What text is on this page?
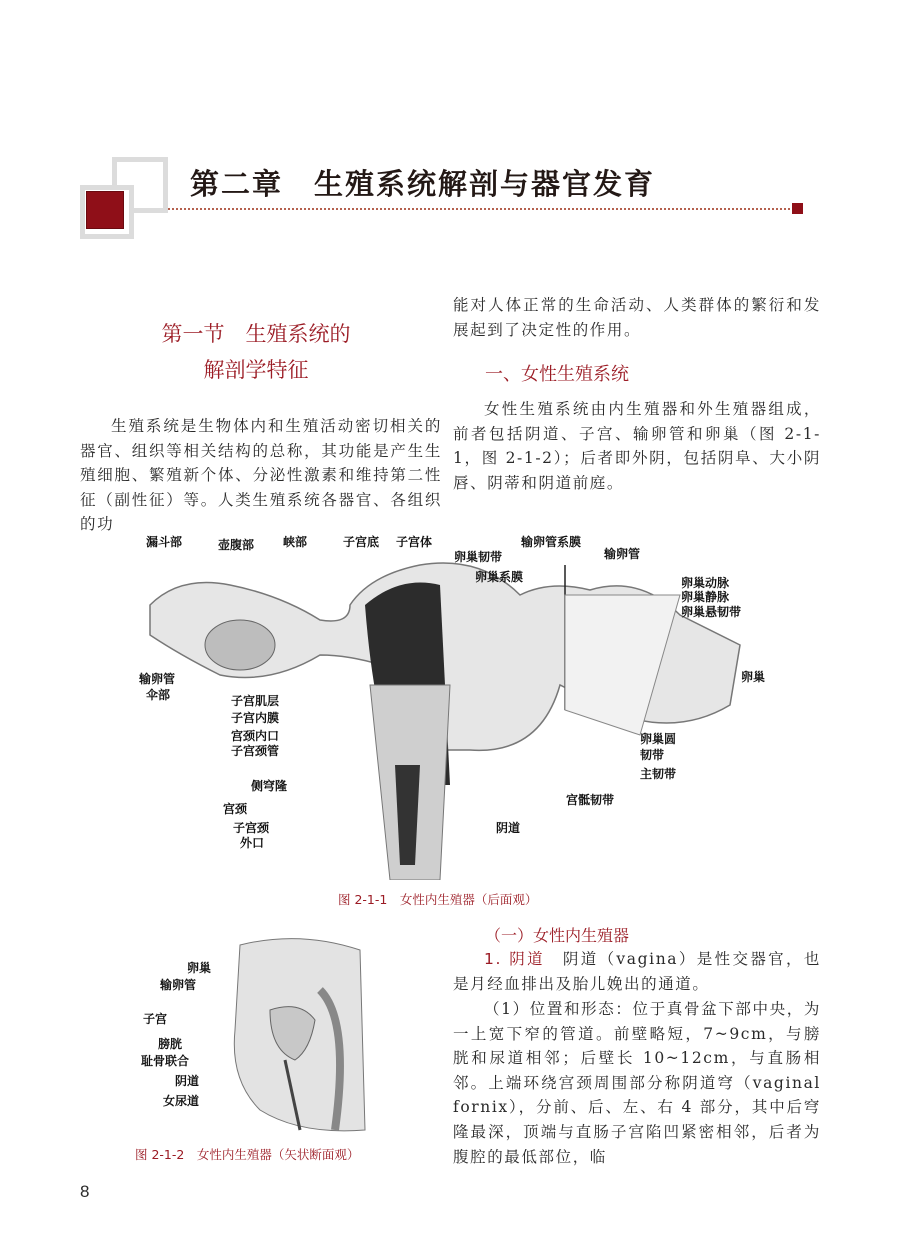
第二章　生殖系统解剖与器官发育
第一节　生殖系统的
解剖学特征
生殖系统是生物体内和生殖活动密切相关的器官、组织等相关结构的总称，其功能是产生生殖细胞、繁殖新个体、分泌性激素和维持第二性征（副性征）等。人类生殖系统各器官、各组织的功
能对人体正常的生命活动、人类群体的繁衍和发展起到了决定性的作用。
一、女性生殖系统
女性生殖系统由内生殖器和外生殖器组成，前者包括阴道、子宫、输卵管和卵巢（图 2-1-1，图 2-1-2）；后者即外阴，包括阴阜、大小阴唇、阴蒂和阴道前庭。
漏斗部	壶腹部 峡部	子宫底 子宫体
卵巢韧带
卵巢系膜
输卵管系膜
输卵管
卵巢动脉
卵巢静脉
卵巢悬韧带
卵巢
卵巢圆
韧带
主韧带
宫骶韧带
阴道
输卵管
伞部	子宫肌层
子宫内膜
宫颈内口
子宫颈管
侧穹隆
宫颈
子宫颈
外口
图 2-1-1　女性内生殖器（后面观）
卵巢
输卵管
子宫
膀胱
耻骨联合
阴道
女尿道
图 2-1-2　女性内生殖器（矢状断面观）
（一）女性内生殖器
1. 阴道　 阴道（vagina）是性交器官，也是月经血排出及胎儿娩出的通道。
（1）位置和形态：位于真骨盆下部中央，为一上宽下窄的管道。前壁略短，7~9cm，与膀胱和尿道相邻；后壁长 10~12cm，与直肠相邻。上端环绕宫颈周围部分称阴道穹（vaginal fornix），分前、后、左、右 4 部分，其中后穹隆最深，顶端与直肠子宫陷凹紧密相邻，后者为腹腔的最低部位，临
8
